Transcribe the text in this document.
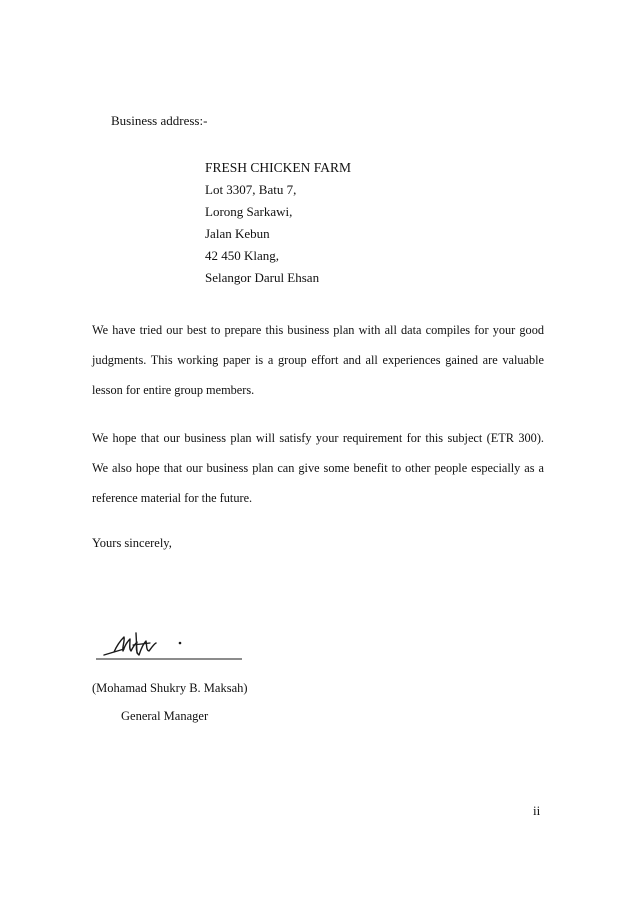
Business address:-
FRESH CHICKEN FARM
Lot 3307, Batu 7,
Lorong Sarkawi,
Jalan Kebun
42 450 Klang,
Selangor Darul Ehsan

We have tried our best to prepare this business plan with all data compiles for your good judgments. This working paper is a group effort and all experiences gained are valuable lesson for entire group members.

We hope that our business plan will satisfy your requirement for this subject (ETR 300). We also hope that our business plan can give some benefit to other people especially as a reference material for the future.

Yours sincerely,
(Mohamad Shukry B. Maksah)
General Manager
ii
